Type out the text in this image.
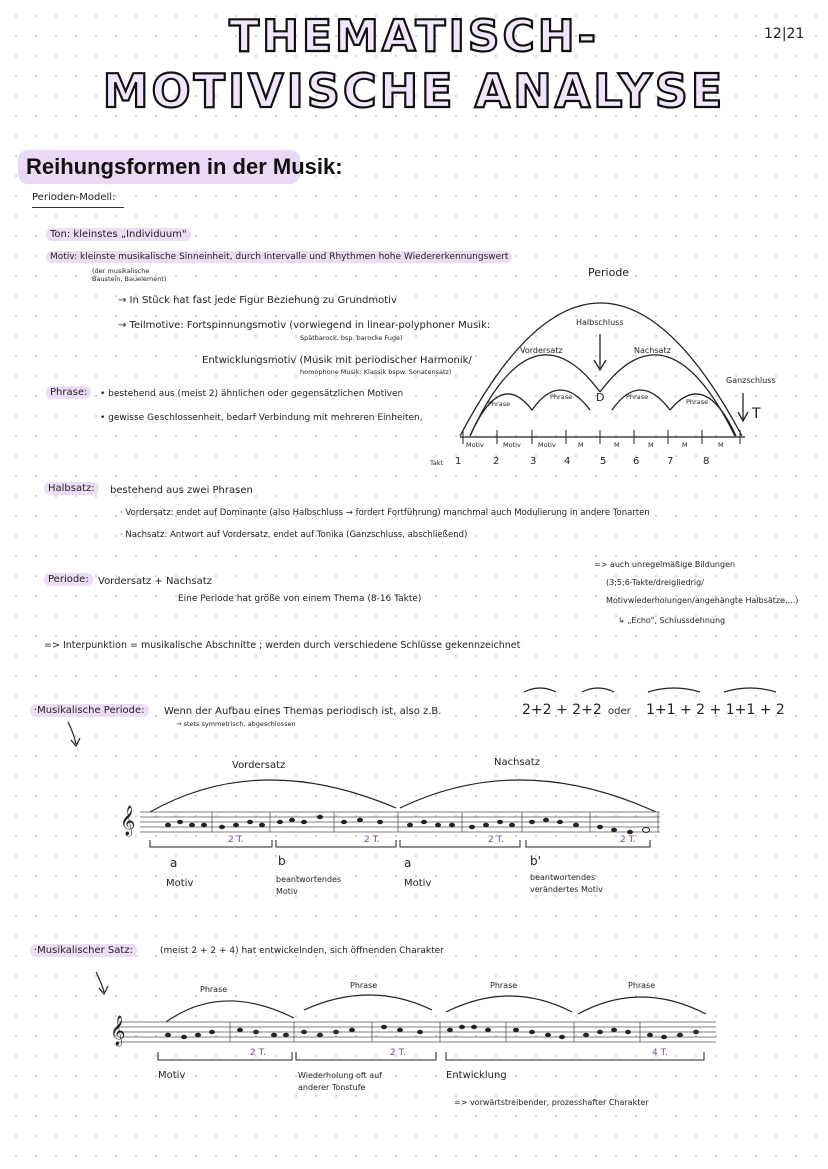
12|21
THEMATISCH-
MOTIVISCHE ANALYSE
Reihungsformen in der Musik:
Perioden-Modell:
Ton: kleinstes „Individuum"
Motiv: kleinste musikalische Sinneinheit, durch Intervalle und Rhythmen hohe Wiedererkennungswert
(der musikalische Baustein, Bauelement)
→ In Stück hat fast jede Figur Beziehung zu Grundmotiv
→ Teilmotive: Fortspinnungsmotiv (vorwiegend in linear-polyphoner Musik:
Spätbarock, bsp. barocke Fuge)
Entwicklungsmotiv (Musik mit periodischer Harmonik/
homophone Musik: Klassik bspw. Sonatensatz)
Phrase:	• bestehend aus (meist 2) ähnlichen oder gegensätzlichen Motiven
• gewisse Geschlossenheit, bedarf Verbindung mit mehreren Einheiten,
Periode
Halbschluss
Vordersatz	Nachsatz
Ganzschluss
Phrase
Phrase	Phrase
Phrase
D
T
Motiv	Motiv	Motiv	M	M	M	M	M
Takt 1	2	3	4	5	6	7	8
Halbsatz:	bestehend aus zwei Phrasen
· Vordersatz: endet auf Dominante (also Halbschluss → fordert Fortführung) manchmal auch Modulierung in andere Tonarten
· Nachsatz: Antwort auf Vordersatz, endet auf Tonika (Ganzschluss, abschließend)
Periode: Vordersatz + Nachsatz
Eine Periode hat größe von einem Thema (8-16 Takte)
=> auch unregelmäßige Bildungen
(3;5;6-Takte/dreigliedrig/
Motivwiederholungen/angehängte Halbsätze,...)
↳ „Echo", Schlussdehnung
=> Interpunktion = musikalische Abschnitte ; werden durch verschiedene Schlüsse gekennzeichnet
·Musikalische Periode:	Wenn der Aufbau eines Themas periodisch ist, also z.B.	2+2 + 2+2 oder 1+1 + 2 + 1+1 + 2
→ stets symmetrisch, abgeschlossen
𝄞
Vordersatz	Nachsatz
2 T.	2 T.	2 T.	2 T.
a	b	a	b'
Motiv	beantwortendes Motiv
Motiv
beantwortendes verändertes Motiv
·Musikalischer Satz:	(meist 2 + 2 + 4) hat entwickelnden, sich öffnenden Charakter
𝄞
Phrase	Phrase	Phrase	Phrase
2 T.	2 T.	4 T.
Motiv	Wiederholung oft auf anderer Tonstufe
Entwicklung
=> vorwärtstreibender, prozesshafter Charakter
